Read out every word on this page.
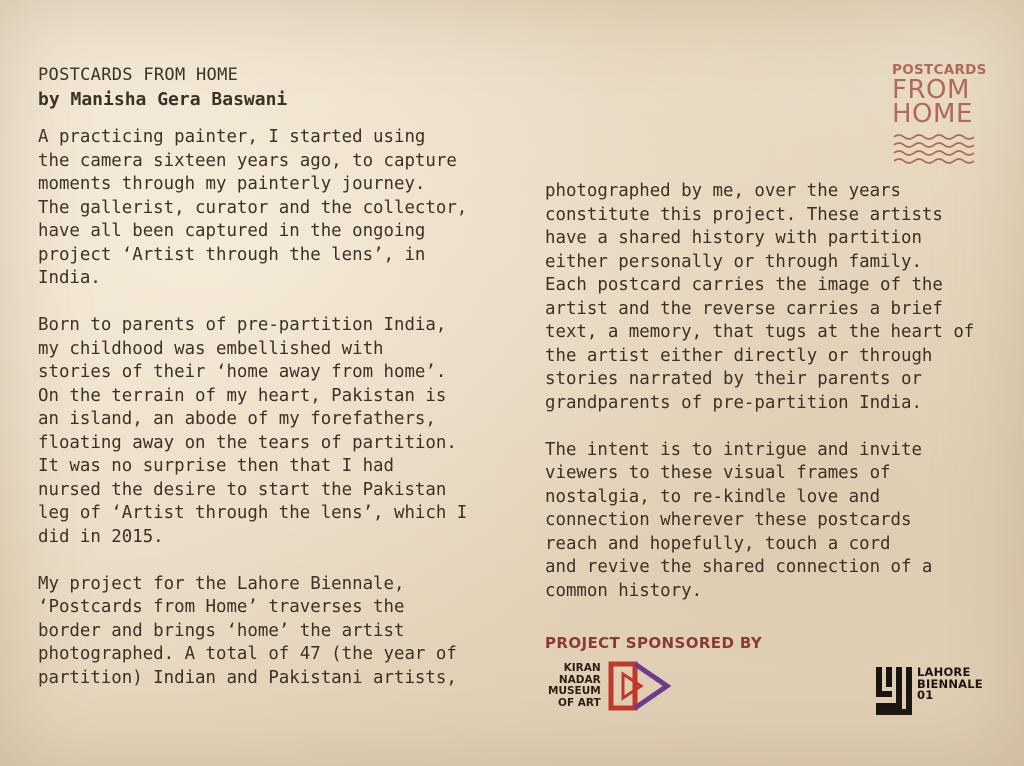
POSTCARDS FROM HOME
by Manisha Gera Baswani

A practicing painter, I started using
the camera sixteen years ago, to capture
moments through my painterly journey.
The gallerist, curator and the collector,
have all been captured in the ongoing
project ‘Artist through the lens’, in
India.

Born to parents of pre-partition India,
my childhood was embellished with
stories of their ‘home away from home’.
On the terrain of my heart, Pakistan is
an island, an abode of my forefathers,
floating away on the tears of partition.
It was no surprise then that I had
nursed the desire to start the Pakistan
leg of ‘Artist through the lens’, which I
did in 2015.

My project for the Lahore Biennale,
‘Postcards from Home’ traverses the
border and brings ‘home’ the artist
photographed. A total of 47 (the year of
partition) Indian and Pakistani artists,

photographed by me, over the years
constitute this project. These artists
have a shared history with partition
either personally or through family.
Each postcard carries the image of the
artist and the reverse carries a brief
text, a memory, that tugs at the heart of
the artist either directly or through
stories narrated by their parents or
grandparents of pre-partition India.

The intent is to intrigue and invite
viewers to these visual frames of
nostalgia, to re-kindle love and
connection wherever these postcards
reach and hopefully, touch a cord
and revive the shared connection of a
common history.

POSTCARDS
FROM
HOME
PROJECT SPONSORED BY
KIRAN
NADAR
MUSEUM
OF ART
LAHORE
BIENNALE
01
